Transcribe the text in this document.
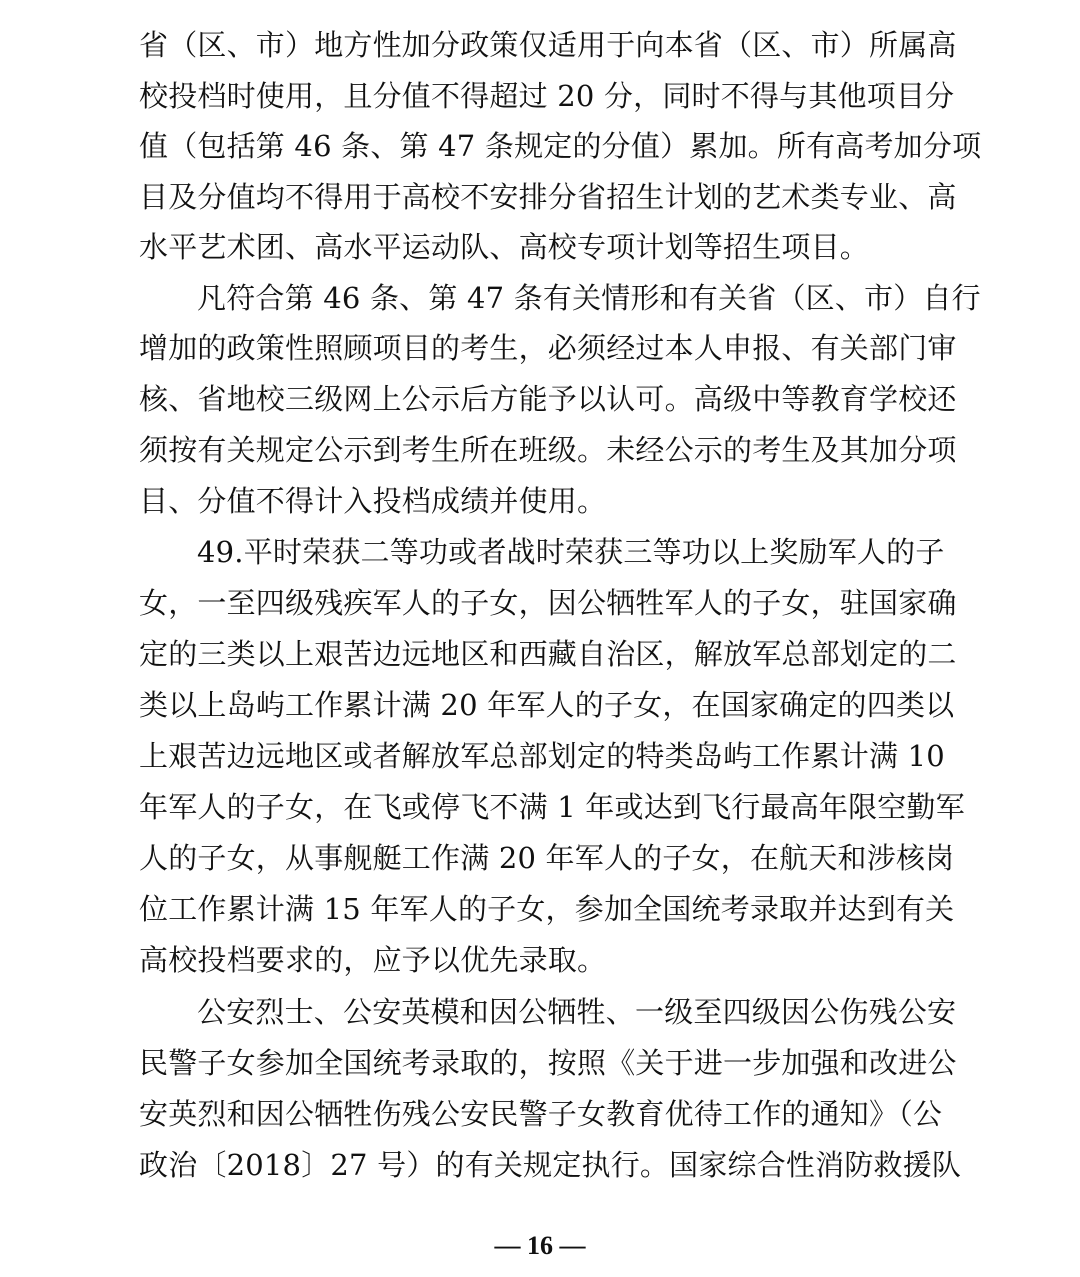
省（区、市）地方性加分政策仅适用于向本省（区、市）所属高
校投档时使用，且分值不得超过 20 分，同时不得与其他项目分
值（包括第 46 条、第 47 条规定的分值）累加。所有高考加分项
目及分值均不得用于高校不安排分省招生计划的艺术类专业、高
水平艺术团、高水平运动队、高校专项计划等招生项目。
凡符合第 46 条、第 47 条有关情形和有关省（区、市）自行
增加的政策性照顾项目的考生，必须经过本人申报、有关部门审
核、省地校三级网上公示后方能予以认可。高级中等教育学校还
须按有关规定公示到考生所在班级。未经公示的考生及其加分项
目、分值不得计入投档成绩并使用。
49.平时荣获二等功或者战时荣获三等功以上奖励军人的子
女，一至四级残疾军人的子女，因公牺牲军人的子女，驻国家确
定的三类以上艰苦边远地区和西藏自治区，解放军总部划定的二
类以上岛屿工作累计满 20 年军人的子女，在国家确定的四类以
上艰苦边远地区或者解放军总部划定的特类岛屿工作累计满 10
年军人的子女，在飞或停飞不满 1 年或达到飞行最高年限空勤军
人的子女，从事舰艇工作满 20 年军人的子女，在航天和涉核岗
位工作累计满 15 年军人的子女，参加全国统考录取并达到有关
高校投档要求的，应予以优先录取。
公安烈士、公安英模和因公牺牲、一级至四级因公伤残公安
民警子女参加全国统考录取的，按照《关于进一步加强和改进公
安英烈和因公牺牲伤残公安民警子女教育优待工作的通知》（公
政治〔2018〕27 号）的有关规定执行。国家综合性消防救援队
— 16 —
